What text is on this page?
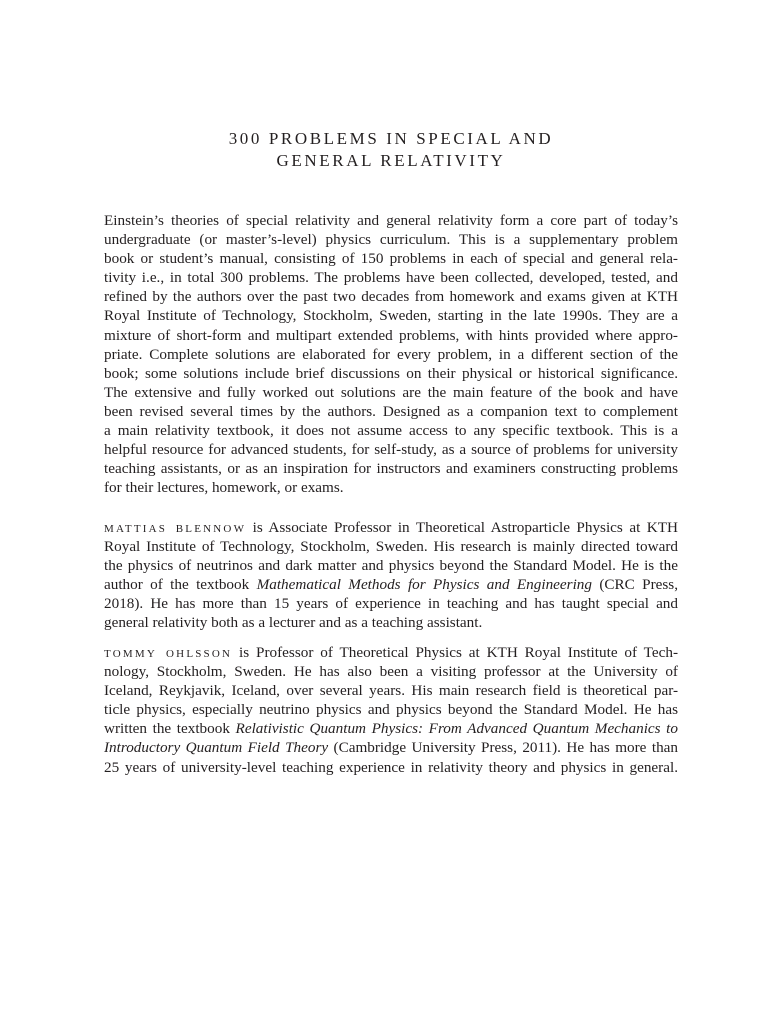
300 PROBLEMS IN SPECIAL AND
GENERAL RELATIVITY
Einstein’s theories of special relativity and general relativity form a core part of today’s
undergraduate (or master’s-level) physics curriculum. This is a supplementary problem
book or student’s manual, consisting of 150 problems in each of special and general rela-
tivity i.e., in total 300 problems. The problems have been collected, developed, tested, and
refined by the authors over the past two decades from homework and exams given at KTH
Royal Institute of Technology, Stockholm, Sweden, starting in the late 1990s. They are a
mixture of short-form and multipart extended problems, with hints provided where appro-
priate. Complete solutions are elaborated for every problem, in a different section of the
book; some solutions include brief discussions on their physical or historical significance.
The extensive and fully worked out solutions are the main feature of the book and have
been revised several times by the authors. Designed as a companion text to complement
a main relativity textbook, it does not assume access to any specific textbook. This is a
helpful resource for advanced students, for self-study, as a source of problems for university
teaching assistants, or as an inspiration for instructors and examiners constructing problems
for their lectures, homework, or exams.
mattias blennow is Associate Professor in Theoretical Astroparticle Physics at KTH
Royal Institute of Technology, Stockholm, Sweden. His research is mainly directed toward
the physics of neutrinos and dark matter and physics beyond the Standard Model. He is the
author of the textbook Mathematical Methods for Physics and Engineering (CRC Press,
2018). He has more than 15 years of experience in teaching and has taught special and
general relativity both as a lecturer and as a teaching assistant.
tommy ohlsson is Professor of Theoretical Physics at KTH Royal Institute of Tech-
nology, Stockholm, Sweden. He has also been a visiting professor at the University of
Iceland, Reykjavik, Iceland, over several years. His main research field is theoretical par-
ticle physics, especially neutrino physics and physics beyond the Standard Model. He has
written the textbook Relativistic Quantum Physics: From Advanced Quantum Mechanics to
Introductory Quantum Field Theory (Cambridge University Press, 2011). He has more than
25 years of university-level teaching experience in relativity theory and physics in general.
